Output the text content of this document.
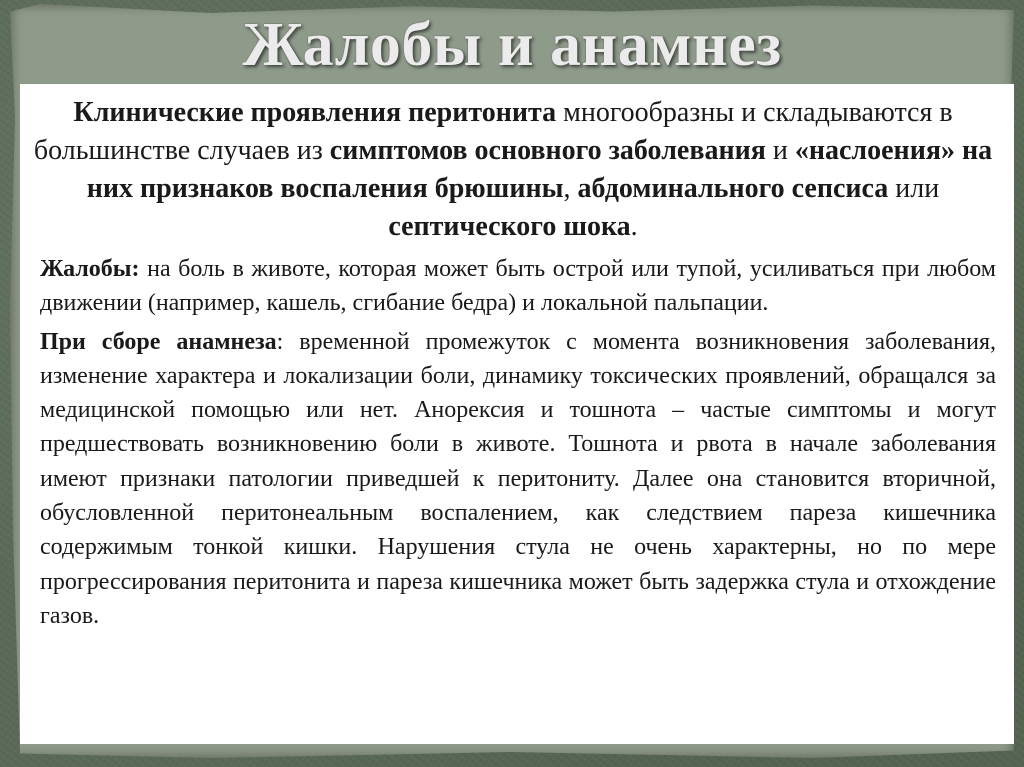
Жалобы и анамнез

Клинические проявления перитонита многообразны и складываются в большинстве случаев из симптомов основного заболевания и «наслоения» на них признаков воспаления брюшины, абдоминального сепсиса или септического шока.

Жалобы: на боль в животе, которая может быть острой или тупой, усиливаться при любом движении (например, кашель, сгибание бедра) и локальной пальпации.

При сборе анамнеза: временной промежуток с момента возникновения заболевания, изменение характера и локализации боли, динамику токсических проявлений, обращался за медицинской помощью или нет. Анорексия и тошнота – частые симптомы и могут предшествовать возникновению боли в животе. Тошнота и рвота в начале заболевания имеют признаки патологии приведшей к перитониту. Далее она становится вторичной, обусловленной перитонеальным воспалением, как следствием пареза кишечника содержимым тонкой кишки. Нарушения стула не очень характерны, но по мере прогрессирования перитонита и пареза кишечника может быть задержка стула и отхождение газов.
